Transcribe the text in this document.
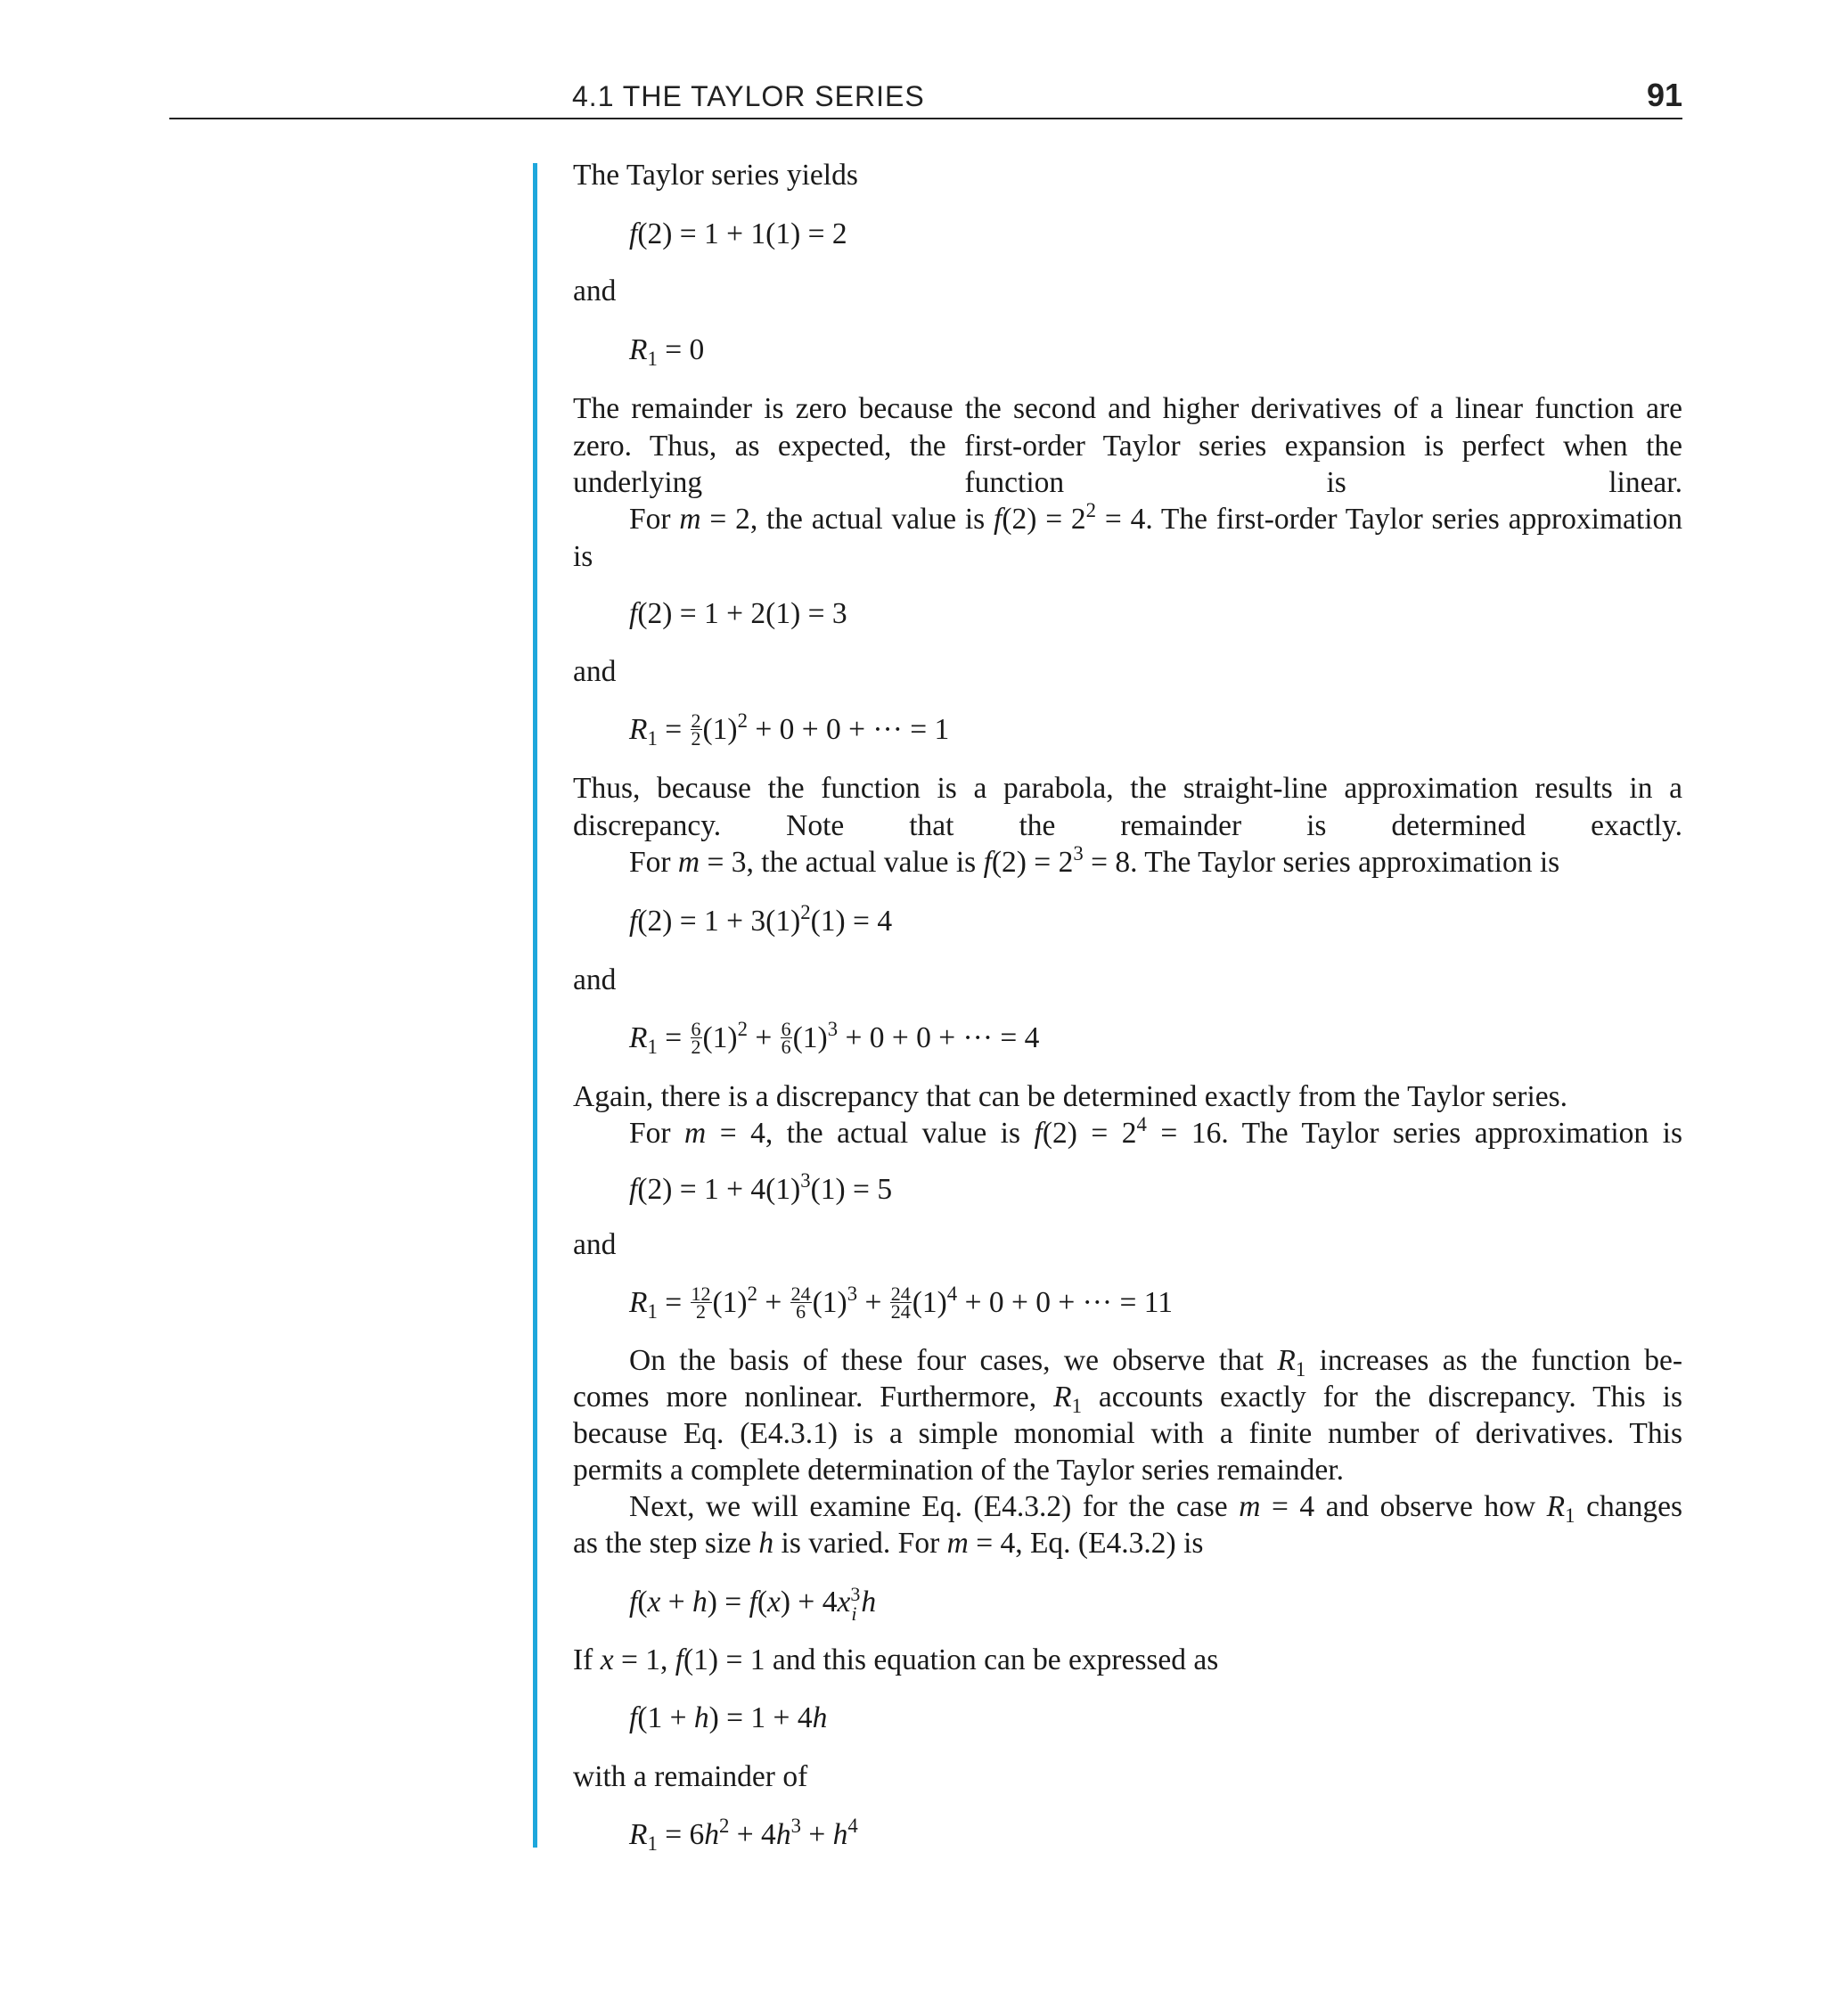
4.1 THE TAYLOR SERIES	91
The Taylor series yields
f(2) = 1 + 1(1) = 2
and
$R_1 = 0$
The remainder is zero because the second and higher derivatives of a linear function are zero. Thus, as expected, the first-order Taylor series expansion is perfect when the underlying function is linear.
For m = 2, the actual value is $f(2) = 2^2 = 4$. The first-order Taylor series approximation is
f(2) = 1 + 2(1) = 3
and
$R_1 = \frac{2}{2} (1)^2 + 0 + 0$ + ··· = 1
Thus, because the function is a parabola, the straight-line approximation results in a discrepancy. Note that the remainder is determined exactly.
For m = 3, the actual value is $f(2) = 2^3 = 8$. The Taylor series approximation is
$f(2) = 1 + 3(1)^2(1) = 4$
and
$R_1 = \frac{6}{2} (1)^2 + \frac{6}{6} (1)^3 + 0 + 0$ + ··· = 4
Again, there is a discrepancy that can be determined exactly from the Taylor series.
For m = 4, the actual value is $f(2) = 2^4 = 16$. The Taylor series approximation is
$f(2) = 1 + 4(1)^3(1) = 5$
and
$R_1 = \frac{12}{2} (1)^2 + \frac{24}{6} (1)^3 + \frac{24}{24} (1)^4 + 0 + 0$ + ··· = 11
On the basis of these four cases, we observe that $R_1$ increases as the function be-
comes more nonlinear. Furthermore, $R_1$ accounts exactly for the discrepancy. This is
because Eq. (E4.3.1) is a simple monomial with a finite number of derivatives. This
permits a complete determination of the Taylor series remainder.
Next, we will examine Eq. (E4.3.2) for the case m = 4 and observe how $R_1$ changes
as the step size h is varied. For m = 4, Eq. (E4.3.2) is
f(x + h) = f(x) + 4x 3
i h
If x = 1, f(1) = 1 and this equation can be expressed as
f(1 + h) = 1 + 4h
with a remainder of
$R_1 = 6h^2 + 4h^3 + h^4$
